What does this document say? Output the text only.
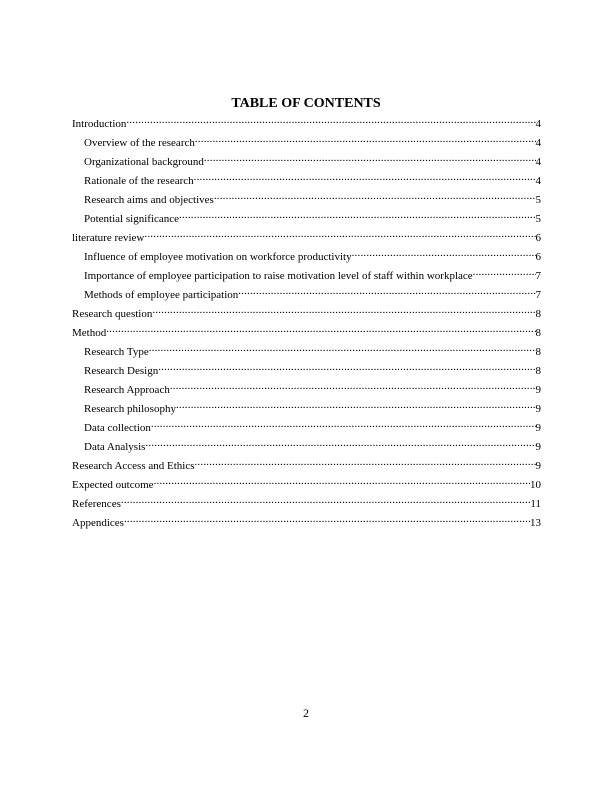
TABLE OF CONTENTS
Introduction .....	4
Overview of the research .....	4
Organizational background .....	4
Rationale of the research .....	4
Research aims and objectives .....	5
Potential significance .....	5
literature review .....	6
Influence of employee motivation on workforce productivity .....	6
Importance of employee participation to raise motivation level of staff within workplace .....	7
Methods of employee participation .....	7
Research question .....	8
Method .....	8
Research Type .....	8
Research Design .....	8
Research Approach .....	9
Research philosophy .....	9
Data collection .....	9
Data Analysis .....	9
Research Access and Ethics .....	9
Expected outcome .....	10
References .....	11
Appendices .....	13
2
